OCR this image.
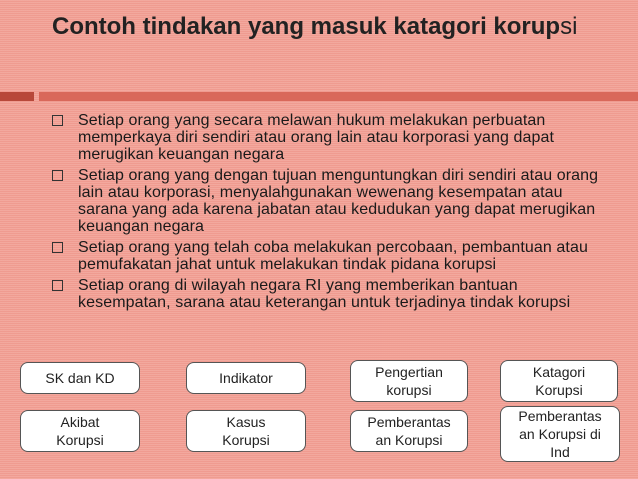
Contoh tindakan yang masuk katagori korupsi
Setiap orang yang secara melawan hukum melakukan perbuatan memperkaya diri sendiri atau orang lain atau korporasi yang dapat merugikan keuangan negara
Setiap orang yang dengan tujuan menguntungkan diri sendiri atau orang lain atau korporasi, menyalahgunakan wewenang kesempatan atau sarana yang ada karena jabatan atau kedudukan yang dapat merugikan keuangan negara
Setiap orang yang telah coba melakukan percobaan, pembantuan atau pemufakatan jahat untuk melakukan tindak pidana korupsi
Setiap orang di wilayah negara RI yang memberikan bantuan kesempatan, sarana atau keterangan untuk terjadinya tindak korupsi
SK dan KD	Indikator	Pengertian
korupsi
Katagori
Korupsi
Akibat
Korupsi
Kasus
Korupsi
Pemberantas
an Korupsi
Pemberantas
an Korupsi di
Ind
